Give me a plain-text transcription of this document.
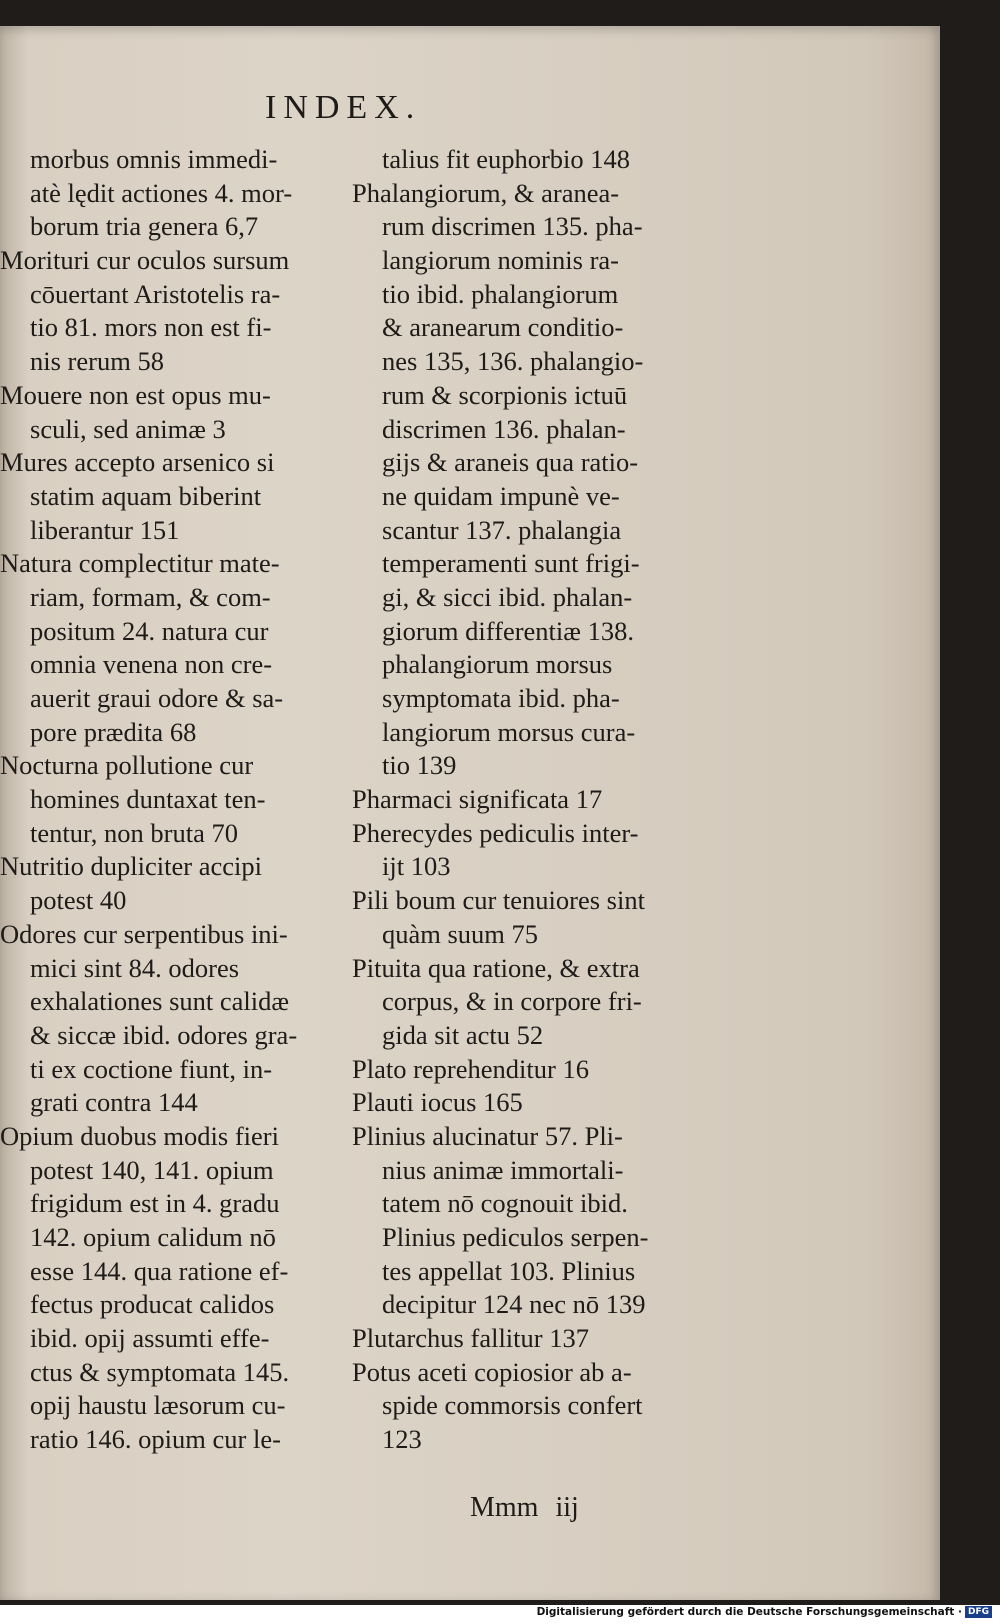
INDEX.
morbus omnis immedi-
atè lędit actiones 4. mor-
borum tria genera 6,7
Morituri cur oculos sursum
cōuertant Aristotelis ra-
tio 81. mors non est fi-
nis rerum 58
Mouere non est opus mu-
sculi, sed animæ 3
Mures accepto arsenico si
statim aquam biberint
liberantur 151
Natura complectitur mate-
riam, formam, & com-
positum 24. natura cur
omnia venena non cre-
auerit graui odore & sa-
pore prædita 68
Nocturna pollutione cur
homines duntaxat ten-
tentur, non bruta 70
Nutritio dupliciter accipi
potest 40
Odores cur serpentibus ini-
mici sint 84. odores
exhalationes sunt calidæ
& siccæ ibid. odores gra-
ti ex coctione fiunt, in-
grati contra 144
Opium duobus modis fieri
potest 140, 141. opium
frigidum est in 4. gradu
142. opium calidum nō
esse 144. qua ratione ef-
fectus producat calidos
ibid. opij assumti effe-
ctus & symptomata 145.
opij haustu læsorum cu-
ratio 146. opium cur le-
talius fit euphorbio 148
Phalangiorum, & aranea-
rum discrimen 135. pha-
langiorum nominis ra-
tio ibid. phalangiorum
& aranearum conditio-
nes 135, 136. phalangio-
rum & scorpionis ictuū
discrimen 136. phalan-
gijs & araneis qua ratio-
ne quidam impunè ve-
scantur 137. phalangia
temperamenti sunt frigi-
gi, & sicci ibid. phalan-
giorum differentiæ 138.
phalangiorum morsus
symptomata ibid. pha-
langiorum morsus cura-
tio 139
Pharmaci significata 17
Pherecydes pediculis inter-
ijt 103
Pili boum cur tenuiores sint
quàm suum 75
Pituita qua ratione, & extra
corpus, & in corpore fri-
gida sit actu 52
Plato reprehenditur 16
Plauti iocus 165
Plinius alucinatur 57. Pli-
nius animæ immortali-
tatem nō cognouit ibid.
Plinius pediculos serpen-
tes appellat 103. Plinius
decipitur 124 nec nō 139
Plutarchus fallitur 137
Potus aceti copiosior ab a-
spide commorsis confert
123
Mmm iij
Digitalisierung gefördert durch die Deutsche Forschungsgemeinschaft · DFG
